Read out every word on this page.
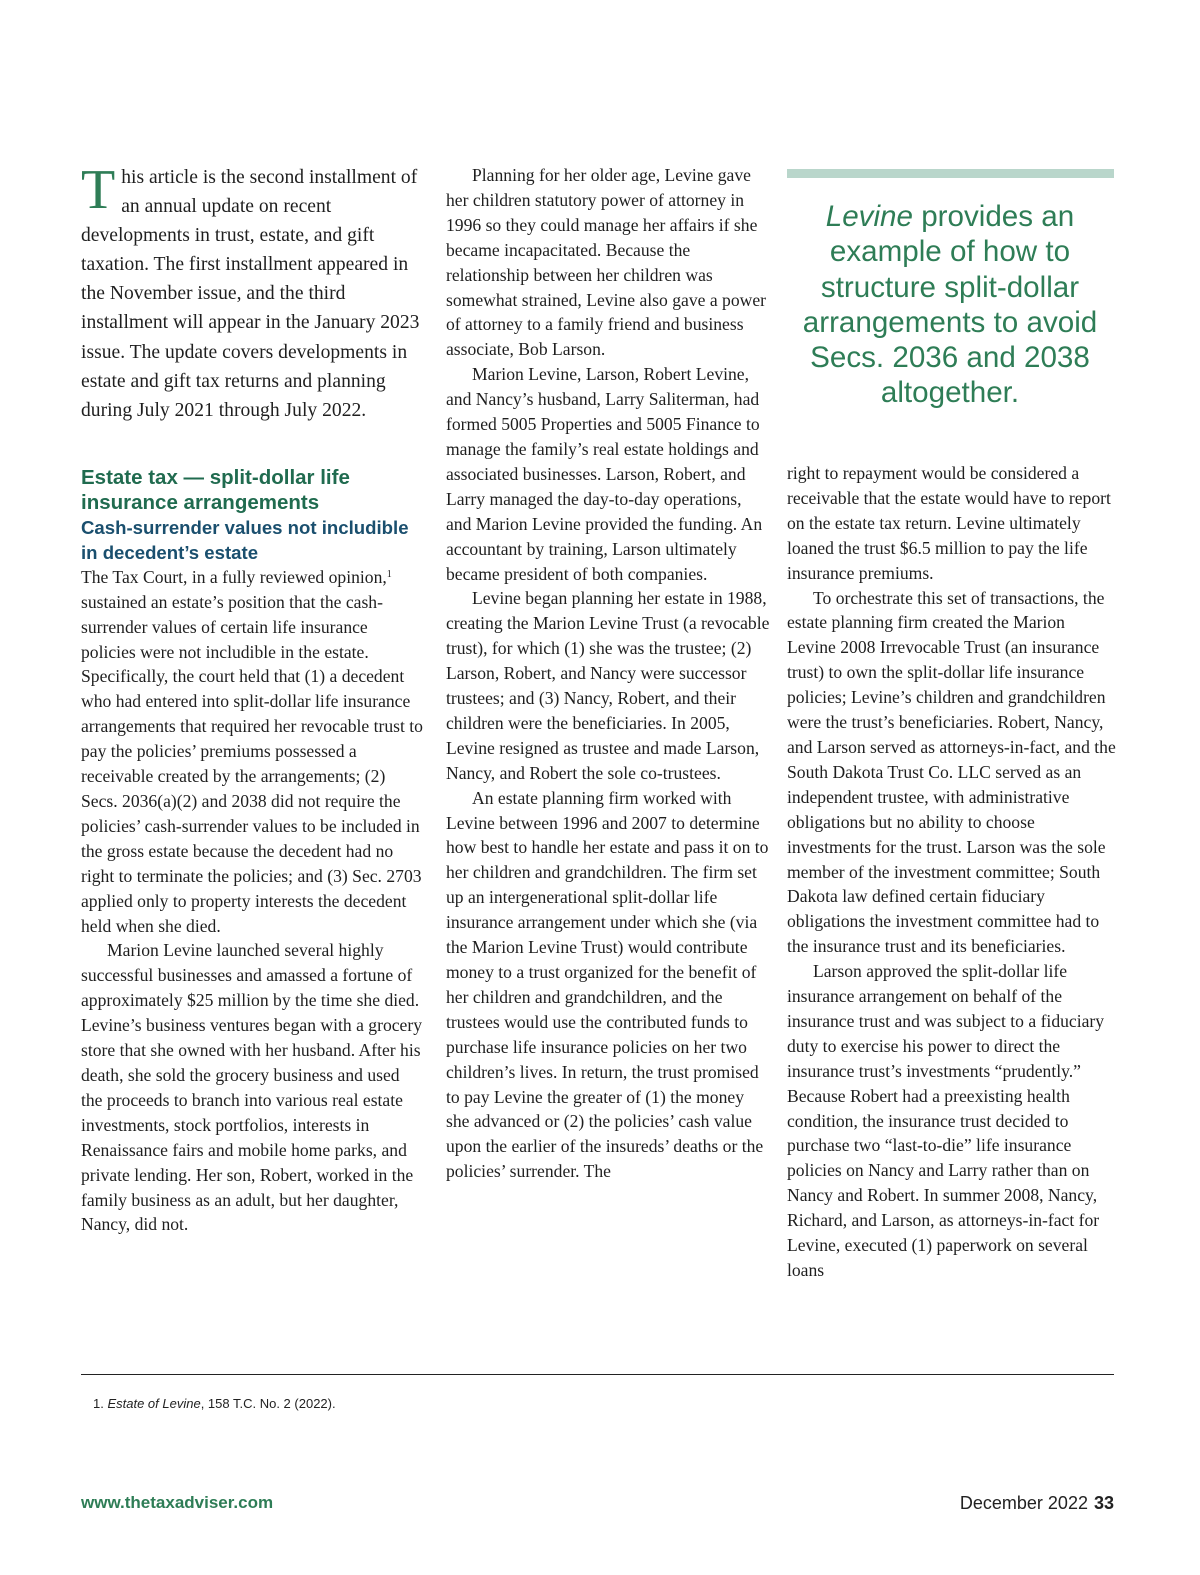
This article is the second installment of an annual update on recent developments in trust, estate, and gift taxation. The first installment appeared in the November issue, and the third installment will appear in the January 2023 issue. The update covers developments in estate and gift tax returns and planning during July 2021 through July 2022.

Estate tax — split-dollar life insurance arrangements
Cash-surrender values not includible in decedent’s estate

The Tax Court, in a fully reviewed opinion,$^1$ sustained an estate’s position that the cash-surrender values of certain life insurance policies were not includible in the estate. Specifically, the court held that (1) a decedent who had entered into split-dollar life insurance arrangements that required her revocable trust to pay the policies’ premiums possessed a receivable created by the arrangements; (2) Secs. 2036(a)(2) and 2038 did not require the policies’ cash-surrender values to be included in the gross estate because the decedent had no right to terminate the policies; and (3) Sec. 2703 applied only to property interests the decedent held when she died.

Marion Levine launched several highly successful businesses and amassed a fortune of approximately $25 million by the time she died. Levine’s business ventures began with a grocery store that she owned with her husband. After his death, she sold the grocery business and used the proceeds to branch into various real estate investments, stock portfolios, interests in Renaissance fairs and mobile home parks, and private lending. Her son, Robert, worked in the family business as an adult, but her daughter, Nancy, did not.

Planning for her older age, Levine gave her children statutory power of attorney in 1996 so they could manage her affairs if she became incapacitated. Because the relationship between her children was somewhat strained, Levine also gave a power of attorney to a family friend and business associate, Bob Larson.

Marion Levine, Larson, Robert Levine, and Nancy’s husband, Larry Saliterman, had formed 5005 Properties and 5005 Finance to manage the family’s real estate holdings and associated businesses. Larson, Robert, and Larry managed the day-to-day operations, and Marion Levine provided the funding. An accountant by training, Larson ultimately became president of both companies.

Levine began planning her estate in 1988, creating the Marion Levine Trust (a revocable trust), for which (1) she was the trustee; (2) Larson, Robert, and Nancy were successor trustees; and (3) Nancy, Robert, and their children were the beneficiaries. In 2005, Levine resigned as trustee and made Larson, Nancy, and Robert the sole co-trustees.

An estate planning firm worked with Levine between 1996 and 2007 to determine how best to handle her estate and pass it on to her children and grandchildren. The firm set up an intergenerational split-dollar life insurance arrangement under which she (via the Marion Levine Trust) would contribute money to a trust organized for the benefit of her children and grandchildren, and the trustees would use the contributed funds to purchase life insurance policies on her two children’s lives. In return, the trust promised to pay Levine the greater of (1) the money she advanced or (2) the policies’ cash value upon the earlier of the insureds’ deaths or the policies’ surrender. The

Levine provides an example of how to structure split-dollar arrangements to avoid Secs. 2036 and 2038 altogether.

right to repayment would be considered a receivable that the estate would have to report on the estate tax return. Levine ultimately loaned the trust $6.5 million to pay the life insurance premiums.

To orchestrate this set of transactions, the estate planning firm created the Marion Levine 2008 Irrevocable Trust (an insurance trust) to own the split-dollar life insurance policies; Levine’s children and grandchildren were the trust’s beneficiaries. Robert, Nancy, and Larson served as attorneys-in-fact, and the South Dakota Trust Co. LLC served as an independent trustee, with administrative obligations but no ability to choose investments for the trust. Larson was the sole member of the investment committee; South Dakota law defined certain fiduciary obligations the investment committee had to the insurance trust and its beneficiaries.

Larson approved the split-dollar life insurance arrangement on behalf of the insurance trust and was subject to a fiduciary duty to exercise his power to direct the insurance trust’s investments “prudently.” Because Robert had a preexisting health condition, the insurance trust decided to purchase two “last-to-die” life insurance policies on Nancy and Larry rather than on Nancy and Robert. In summer 2008, Nancy, Richard, and Larson, as attorneys-in-fact for Levine, executed (1) paperwork on several loans

1. Estate of Levine, 158 T.C. No. 2 (2022).
www.thetaxadviser.com	December 2022 33
